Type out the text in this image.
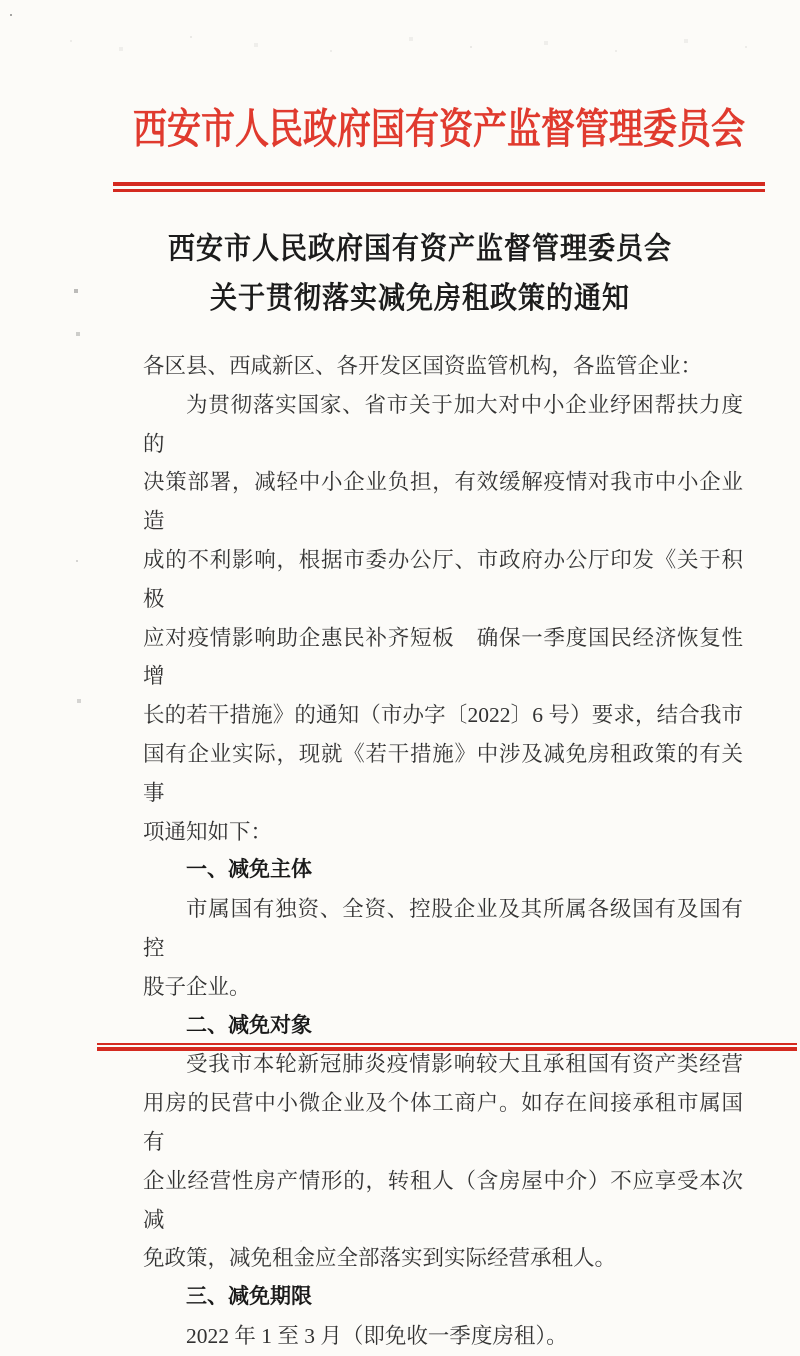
西安市人民政府国有资产监督管理委员会
西安市人民政府国有资产监督管理委员会
关于贯彻落实减免房租政策的通知
各区县、西咸新区、各开发区国资监管机构，各监管企业：
为贯彻落实国家、省市关于加大对中小企业纾困帮扶力度的
决策部署，减轻中小企业负担，有效缓解疫情对我市中小企业造
成的不利影响，根据市委办公厅、市政府办公厅印发《关于积极
应对疫情影响助企惠民补齐短板　确保一季度国民经济恢复性增
长的若干措施》的通知（市办字〔2022〕6 号）要求，结合我市
国有企业实际，现就《若干措施》中涉及减免房租政策的有关事
项通知如下：
一、减免主体
市属国有独资、全资、控股企业及其所属各级国有及国有控
股子企业。
二、减免对象
受我市本轮新冠肺炎疫情影响较大且承租国有资产类经营
用房的民营中小微企业及个体工商户。如存在间接承租市属国有
企业经营性房产情形的，转租人（含房屋中介）不应享受本次减
免政策，减免租金应全部落实到实际经营承租人。
三、减免期限
2022 年 1 至 3 月（即免收一季度房租）。
